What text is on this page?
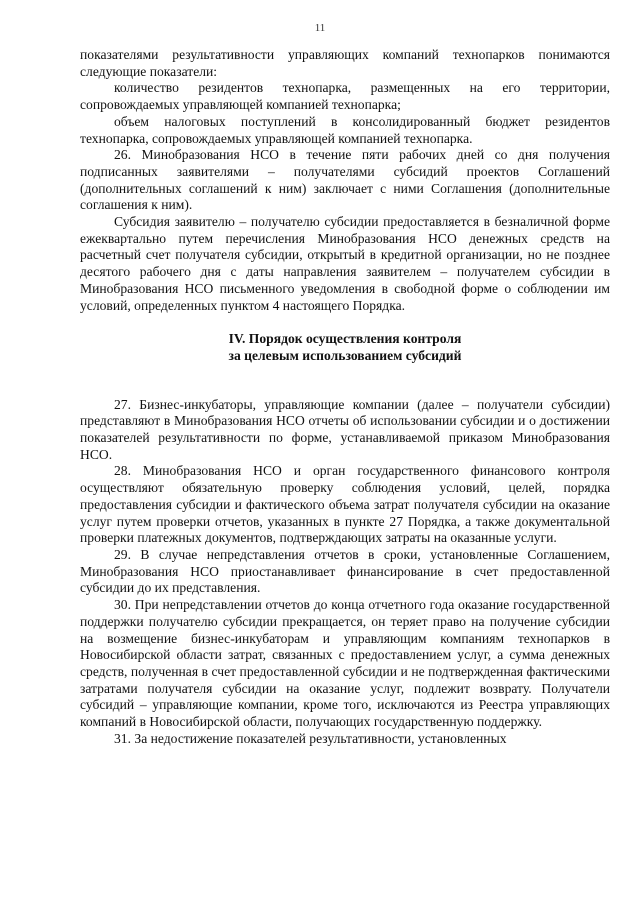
11

показателями результативности управляющих компаний технопарков понимаются следующие показатели:

количество резидентов технопарка, размещенных на его территории, сопровождаемых управляющей компанией технопарка;

объем налоговых поступлений в консолидированный бюджет резидентов технопарка, сопровождаемых управляющей компанией технопарка.

26. Минобразования НСО в течение пяти рабочих дней со дня получения подписанных заявителями – получателями субсидий проектов Соглашений (дополнительных соглашений к ним) заключает с ними Соглашения (дополнительные соглашения к ним).

Субсидия заявителю – получателю субсидии предоставляется в безналичной форме ежеквартально путем перечисления Минобразования НСО денежных средств на расчетный счет получателя субсидии, открытый в кредитной организации, но не позднее десятого рабочего дня с даты направления заявителем – получателем субсидии в Минобразования НСО письменного уведомления в свободной форме о соблюдении им условий, определенных пунктом 4 настоящего Порядка.

IV. Порядок осуществления контроля
за целевым использованием субсидий

27. Бизнес-инкубаторы, управляющие компании (далее – получатели субсидии) представляют в Минобразования НСО отчеты об использовании субсидии и о достижении показателей результативности по форме, устанавливаемой приказом Минобразования НСО.

28. Минобразования НСО и орган государственного финансового контроля осуществляют обязательную проверку соблюдения условий, целей, порядка предоставления субсидии и фактического объема затрат получателя субсидии на оказание услуг путем проверки отчетов, указанных в пункте 27 Порядка, а также документальной проверки платежных документов, подтверждающих затраты на оказанные услуги.

29. В случае непредставления отчетов в сроки, установленные Соглашением, Минобразования НСО приостанавливает финансирование в счет предоставленной субсидии до их представления.

30. При непредставлении отчетов до конца отчетного года оказание государственной поддержки получателю субсидии прекращается, он теряет право на получение субсидии на возмещение бизнес-инкубаторам и управляющим компаниям технопарков в Новосибирской области затрат, связанных с предоставлением услуг, а сумма денежных средств, полученная в счет предоставленной субсидии и не подтвержденная фактическими затратами получателя субсидии на оказание услуг, подлежит возврату. Получатели субсидий – управляющие компании, кроме того, исключаются из Реестра управляющих компаний в Новосибирской области, получающих государственную поддержку.

31. За недостижение показателей результативности, установленных
